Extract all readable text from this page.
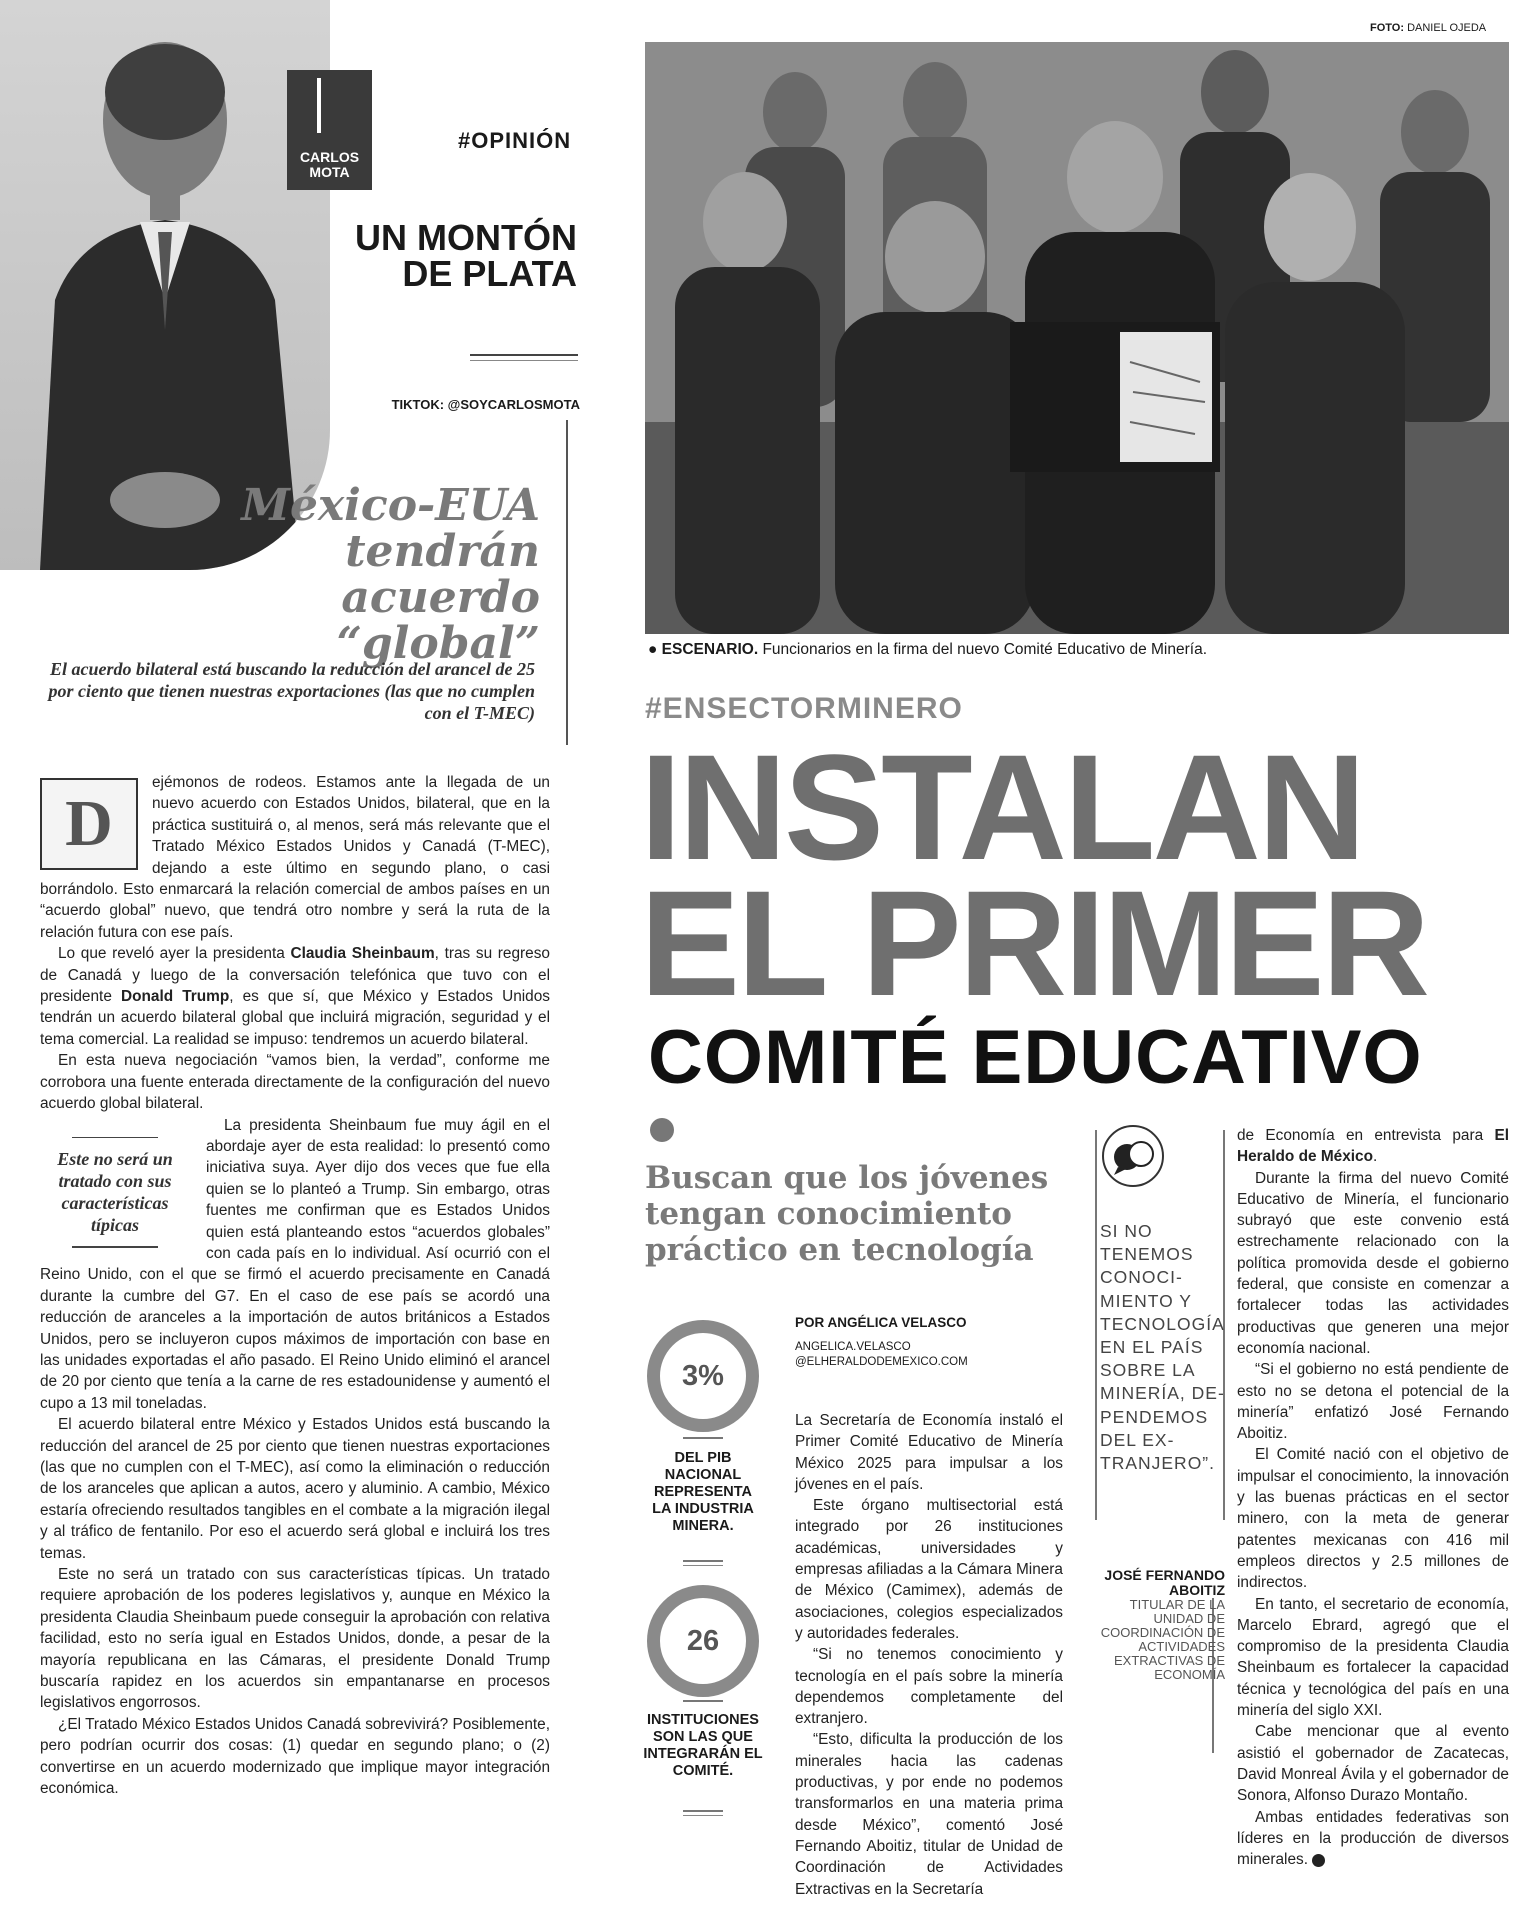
CARLOS MOTA
#OPINIÓN
UN MONTÓN DE PLATA
TIKTOK: @SOYCARLOSMOTA
México-EUA tendrán acuerdo “global”
El acuerdo bilateral está buscando la reducción del arancel de 25 por ciento que tienen nuestras exportaciones (las que no cumplen con el T-MEC)
D

ejémonos de rodeos. Estamos ante la llegada de un nuevo acuerdo con Estados Unidos, bilateral, que en la práctica sustituirá o, al menos, será más relevante que el Tratado México Estados Unidos y Canadá (T-MEC), dejando a este último en segundo plano, o casi borrándolo. Esto enmarcará la relación comercial de ambos países en un “acuerdo global” nuevo, que tendrá otro nombre y será la ruta de la relación futura con ese país.

Lo que reveló ayer la presidenta Claudia Sheinbaum, tras su regreso de Canadá y luego de la conversación telefónica que tuvo con el presidente Donald Trump, es que sí, que México y Estados Unidos tendrán un acuerdo bilateral global que incluirá migración, seguridad y el tema comercial. La realidad se impuso: tendremos un acuerdo bilateral.

En esta nueva negociación “vamos bien, la verdad”, conforme me corrobora una fuente enterada directamente de la configuración del nuevo acuerdo global bilateral.

Este no será un tratado con sus características típicas

La presidenta Sheinbaum fue muy ágil en el abordaje ayer de esta realidad: lo presentó como iniciativa suya. Ayer dijo dos veces que fue ella quien se lo planteó a Trump. Sin embargo, otras fuentes me confirman que es Estados Unidos quien está planteando estos “acuerdos globales” con cada país en lo individual. Así ocurrió con el Reino Unido, con el que se firmó el acuerdo precisamente en Canadá durante la cumbre del G7. En el caso de ese país se acordó una reducción de aranceles a la importación de autos británicos a Estados Unidos, pero se incluyeron cupos máximos de importación con base en las unidades exportadas el año pasado. El Reino Unido eliminó el arancel de 20 por ciento que tenía a la carne de res estadounidense y aumentó el cupo a 13 mil toneladas.

El acuerdo bilateral entre México y Estados Unidos está buscando la reducción del arancel de 25 por ciento que tienen nuestras exportaciones (las que no cumplen con el T-MEC), así como la eliminación o reducción de los aranceles que aplican a autos, acero y aluminio. A cambio, México estaría ofreciendo resultados tangibles en el combate a la migración ilegal y al tráfico de fentanilo. Por eso el acuerdo será global e incluirá los tres temas.

Este no será un tratado con sus características típicas. Un tratado requiere aprobación de los poderes legislativos y, aunque en México la presidenta Claudia Sheinbaum puede conseguir la aprobación con relativa facilidad, esto no sería igual en Estados Unidos, donde, a pesar de la mayoría republicana en las Cámaras, el presidente Donald Trump buscaría rapidez en los acuerdos sin empantanarse en procesos legislativos engorrosos.

¿El Tratado México Estados Unidos Canadá sobrevivirá? Posiblemente, pero podrían ocurrir dos cosas: (1) quedar en segundo plano; o (2) convertirse en un acuerdo modernizado que implique mayor integración económica.

FOTO: DANIEL OJEDA
● ESCENARIO. Funcionarios en la firma del nuevo Comité Educativo de Minería.
#ENSECTORMINERO
INSTALAN
EL PRIMER
COMITÉ EDUCATIVO
Buscan que los jóvenes tengan conocimiento práctico en tecnología
POR ANGÉLICA VELASCO
ANGELICA.VELASCO
@ELHERALDODEMEXICO.COM
3%
DEL PIB NACIONAL REPRESENTA LA INDUSTRIA MINERA.
26
INSTITUCIONES SON LAS QUE INTEGRARÁN EL COMITÉ.

La Secretaría de Economía instaló el Primer Comité Educativo de Minería México 2025 para impulsar a los jóvenes en el país.

Este órgano multisectorial está integrado por 26 instituciones académicas, universidades y empresas afiliadas a la Cámara Minera de México (Camimex), además de asociaciones, colegios especializados y autoridades federales.

“Si no tenemos conocimiento y tecnología en el país sobre la minería dependemos completamente del extranjero.

“Esto, dificulta la producción de los minerales hacia las cadenas productivas, y por ende no podemos transformarlos en una materia prima desde México”, comentó José Fernando Aboitiz, titular de Unidad de Coordinación de Actividades Extractivas en la Secretaría

SI NO TENEMOS CONOCIMIENTO Y TECNOLOGÍA EN EL PAÍS SOBRE LA MINERÍA, DEPENDEMOS DEL EXTRANJERO”.
JOSÉ FERNANDO ABOITIZ
TITULAR DE LA UNIDAD DE COORDINACIÓN DE ACTIVIDADES EXTRACTIVAS DE ECONOMÍA

de Economía en entrevista para El Heraldo de México.

Durante la firma del nuevo Comité Educativo de Minería, el funcionario subrayó que este convenio está estrechamente relacionado con la política promovida desde el gobierno federal, que consiste en comenzar a fortalecer todas las actividades productivas que generen una mejor economía nacional.

“Si el gobierno no está pendiente de esto no se detona el potencial de la minería” enfatizó José Fernando Aboitiz.

El Comité nació con el objetivo de impulsar el conocimiento, la innovación y las buenas prácticas en el sector minero, con la meta de generar patentes mexicanas con 416 mil empleos directos y 2.5 millones de indirectos.

En tanto, el secretario de economía, Marcelo Ebrard, agregó que el compromiso de la presidenta Claudia Sheinbaum es fortalecer la capacidad técnica y tecnológica del país en una minería del siglo XXI.

Cabe mencionar que al evento asistió el gobernador de Zacatecas, David Monreal Ávila y el gobernador de Sonora, Alfonso Durazo Montaño.

Ambas entidades federativas son líderes en la producción de diversos minerales.
